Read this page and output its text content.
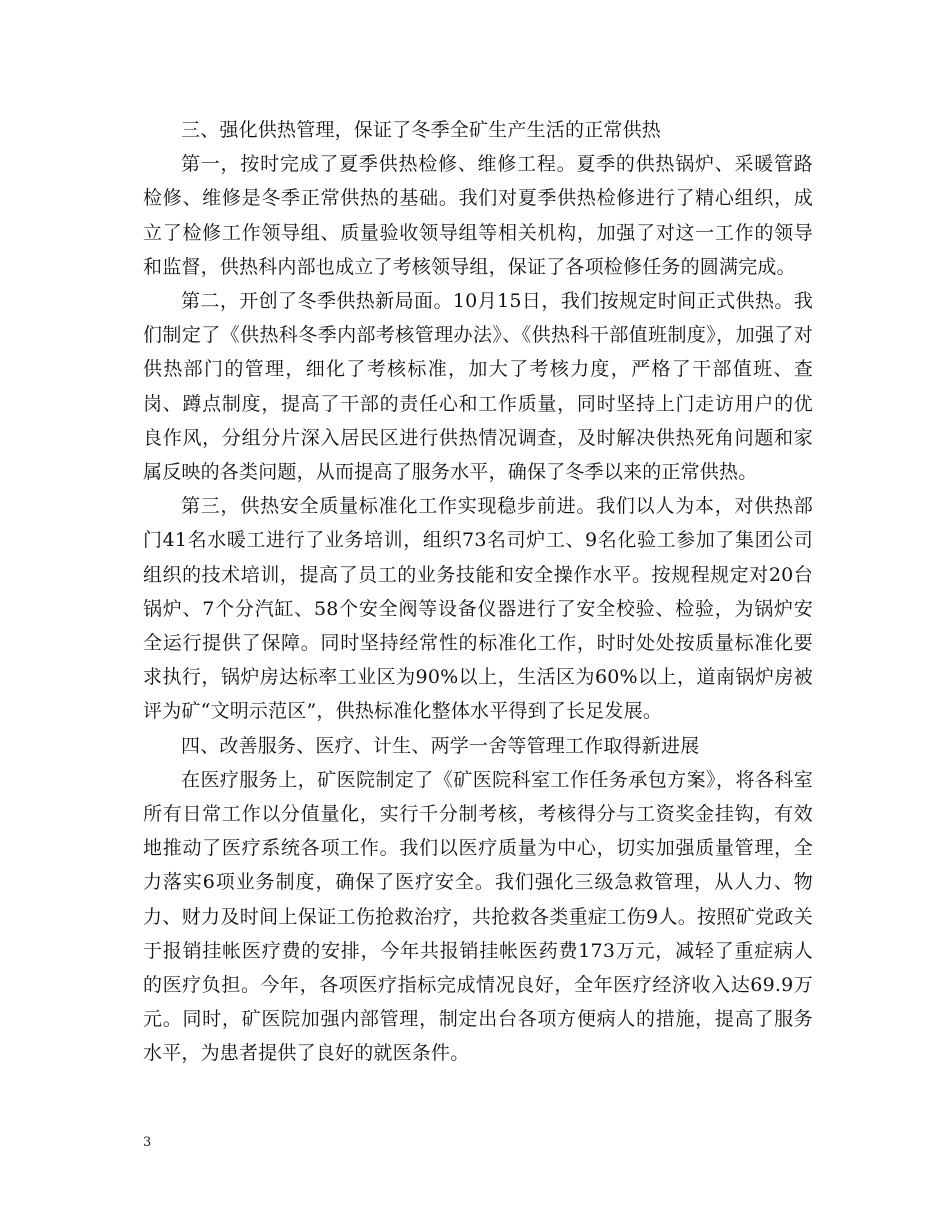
三、强化供热管理，保证了冬季全矿生产生活的正常供热

第一，按时完成了夏季供热检修、维修工程。夏季的供热锅炉、采暖管路检修、维修是冬季正常供热的基础。我们对夏季供热检修进行了精心组织，成立了检修工作领导组、质量验收领导组等相关机构，加强了对这一工作的领导和监督，供热科内部也成立了考核领导组，保证了各项检修任务的圆满完成。

第二，开创了冬季供热新局面。10月15日，我们按规定时间正式供热。我们制定了《供热科冬季内部考核管理办法》、《供热科干部值班制度》，加强了对供热部门的管理，细化了考核标准，加大了考核力度，严格了干部值班、查岗、蹲点制度，提高了干部的责任心和工作质量，同时坚持上门走访用户的优良作风，分组分片深入居民区进行供热情况调查，及时解决供热死角问题和家属反映的各类问题，从而提高了服务水平，确保了冬季以来的正常供热。

第三，供热安全质量标准化工作实现稳步前进。我们以人为本，对供热部门41名水暖工进行了业务培训，组织73名司炉工、9名化验工参加了集团公司组织的技术培训，提高了员工的业务技能和安全操作水平。按规程规定对20台锅炉、7个分汽缸、58个安全阀等设备仪器进行了安全校验、检验，为锅炉安全运行提供了保障。同时坚持经常性的标准化工作，时时处处按质量标准化要求执行，锅炉房达标率工业区为90%以上，生活区为60%以上，道南锅炉房被评为矿“文明示范区”，供热标准化整体水平得到了长足发展。

四、改善服务、医疗、计生、两学一舍等管理工作取得新进展

在医疗服务上，矿医院制定了《矿医院科室工作任务承包方案》，将各科室所有日常工作以分值量化，实行千分制考核，考核得分与工资奖金挂钩，有效地推动了医疗系统各项工作。我们以医疗质量为中心，切实加强质量管理，全力落实6项业务制度，确保了医疗安全。我们强化三级急救管理，从人力、物力、财力及时间上保证工伤抢救治疗，共抢救各类重症工伤9人。按照矿党政关于报销挂帐医疗费的安排，今年共报销挂帐医药费173万元，减轻了重症病人的医疗负担。今年，各项医疗指标完成情况良好，全年医疗经济收入达69.9万元。同时，矿医院加强内部管理，制定出台各项方便病人的措施，提高了服务水平，为患者提供了良好的就医条件。

3
